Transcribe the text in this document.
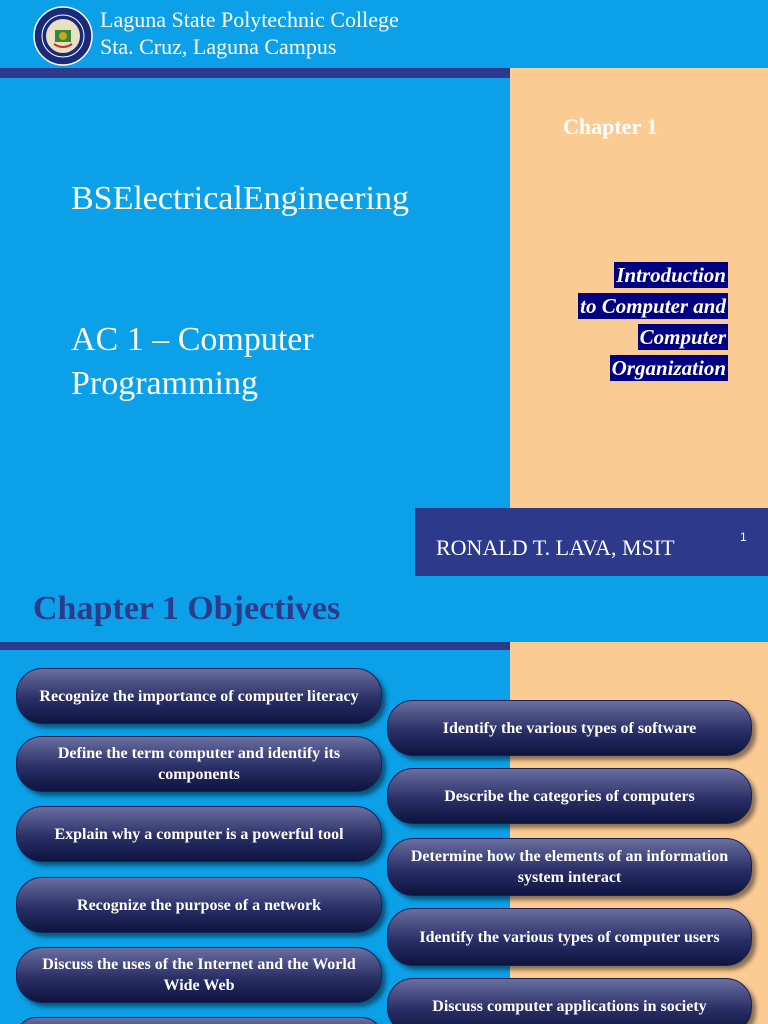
Laguna State Polytechnic College
Sta. Cruz, Laguna Campus
Chapter 1
Introduction
to Computer and
Computer
Organization
BSElectricalEngineering
AC 1 – Computer
Programming
RONALD T. LAVA, MSIT	1
Chapter 1 Objectives
Recognize the importance of computer literacy
Define the term computer and identify its components
Explain why a computer is a powerful tool
Recognize the purpose of a network
Discuss the uses of the Internet and the World Wide Web
Identify the various types of software
Describe the categories of computers
Determine how the elements of an information system interact
Identify the various types of computer users
Discuss computer applications in society
